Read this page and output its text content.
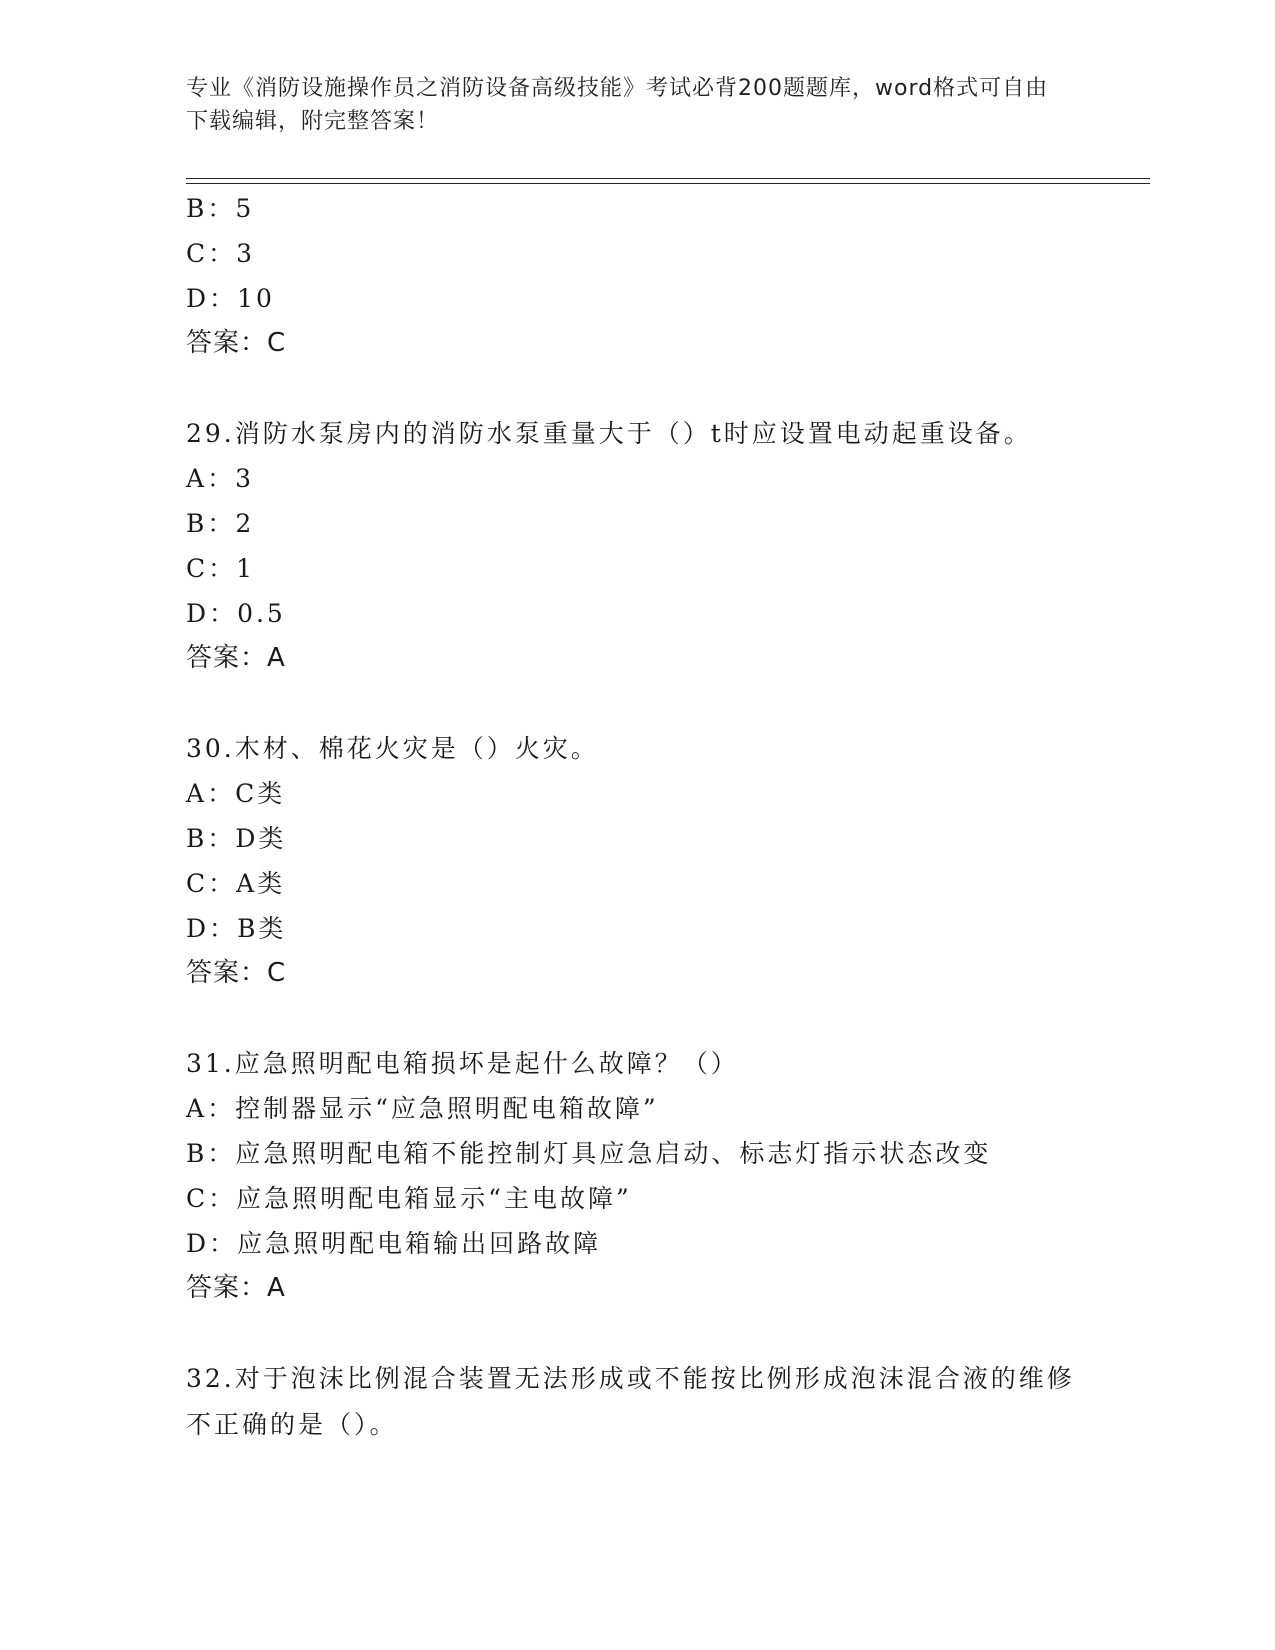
专业《消防设施操作员之消防设备高级技能》考试必背200题题库，word格式可自由下载编辑，附完整答案！
B：5
C：3
D：10
答案：C
29.消防水泵房内的消防水泵重量大于（）t时应设置电动起重设备。
A：3
B：2
C：1
D：0.5
答案：A
30.木材、棉花火灾是（）火灾。
A：C类
B：D类
C：A类
D：B类
答案：C
31.应急照明配电箱损坏是起什么故障？（）
A：控制器显示“应急照明配电箱故障”
B：应急照明配电箱不能控制灯具应急启动、标志灯指示状态改变
C：应急照明配电箱显示“主电故障”
D：应急照明配电箱输出回路故障
答案：A
32.对于泡沫比例混合装置无法形成或不能按比例形成泡沫混合液的维修不正确的是（）。
